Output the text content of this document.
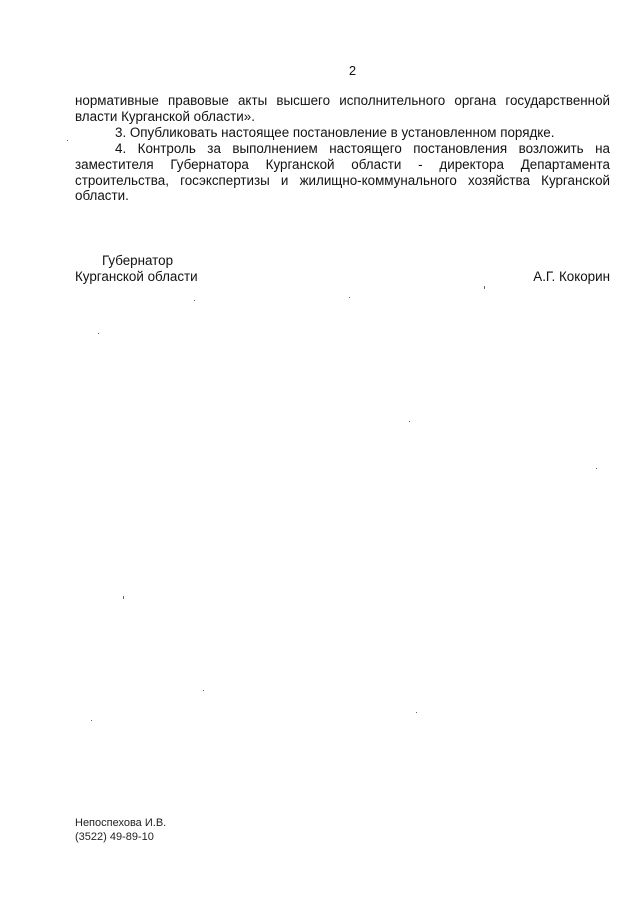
2
нормативные правовые акты высшего исполнительного органа государственной
власти Курганской области».
3. Опубликовать настоящее постановление в установленном порядке.
4. Контроль за выполнением настоящего постановления возложить на
заместителя Губернатора Курганской области - директора Департамента
строительства, госэкспертизы и жилищно-коммунального хозяйства Курганской
области.
Губернатор
Курганской области	А.Г. Кокорин
Непоспехова И.В.
(3522) 49-89-10
